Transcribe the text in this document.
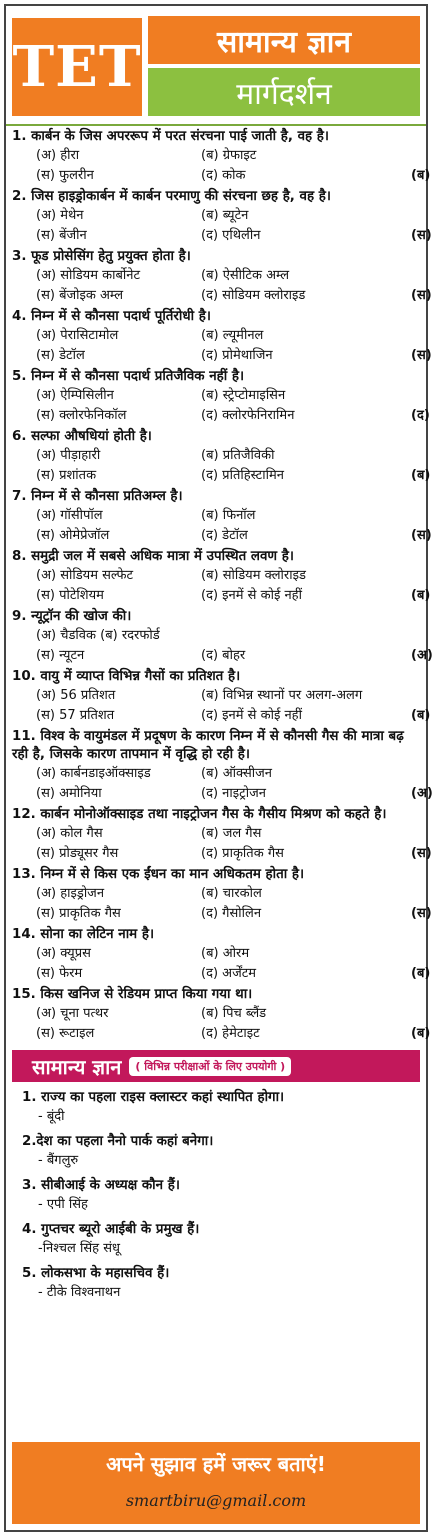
TET	सामान्य ज्ञान
मार्गदर्शन
1. कार्बन के जिस अपररूप में परत संरचना पाई जाती है, वह है।
(अ) हीरा	(ब) ग्रेफाइट
(स) फुलरीन	(द) कोक	(ब)
2. जिस हाइड्रोकार्बन में कार्बन परमाणु की संरचना छह है, वह है।
(अ) मेथेन	(ब) ब्यूटेन
(स) बेंजीन	(द) एथिलीन	(स)
3. फूड प्रोसेसिंग हेतु प्रयुक्त होता है।
(अ) सोडियम कार्बोनेट	(ब) ऐसीटिक अम्ल
(स) बेंजोइक अम्ल	(द) सोडियम क्लोराइड	(स)
4. निम्न में से कौनसा पदार्थ पूर्तिरोधी है।
(अ) पेरासिटामोल	(ब) ल्यूमीनल
(स) डेटॉल	(द) प्रोमेथाजिन	(स)
5. निम्न में से कौनसा पदार्थ प्रतिजैविक नहीं है।
(अ) ऐम्पिसिलीन	(ब) स्ट्रेप्टोमाइसिन
(स) क्लोरफेनिकॉल	(द) क्लोरफेनिरामिन	(द)
6. सल्फा औषधियां होती है।
(अ) पीड़ाहारी	(ब) प्रतिजैविकी
(स) प्रशांतक	(द) प्रतिहिस्टामिन	(ब)
7. निम्न में से कौनसा प्रतिअम्ल है।
(अ) गॉसीपॉल	(ब) फिनॉल
(स) ओमेप्रेजॉल	(द) डेटॉल	(स)
8. समुद्री जल में सबसे अधिक मात्रा में उपस्थित लवण है।
(अ) सोडियम सल्फेट	(ब) सोडियम क्लोराइड
(स) पोटेशियम	(द) इनमें से कोई नहीं	(ब)
9. न्यूट्रॉन की खोज की।
(अ) चैडविक (ब) रदरफोर्ड
(स) न्यूटन	(द) बोहर	(अ)
10. वायु में व्याप्त विभिन्न गैसों का प्रतिशत है।
(अ) 56 प्रतिशत	(ब) विभिन्न स्थानों पर अलग-अलग
(स) 57 प्रतिशत	(द) इनमें से कोई नहीं	(ब)
11. विश्व के वायुमंडल में प्रदूषण के कारण निम्न में से कौनसी गैस की मात्रा बढ़ रही है, जिसके कारण तापमान में वृद्धि हो रही है।
(अ) कार्बनडाइऑक्साइड	(ब) ऑक्सीजन
(स) अमोनिया	(द) नाइट्रोजन	(अ)
12. कार्बन मोनोऑक्साइड तथा नाइट्रोजन गैस के गैसीय मिश्रण को कहते है।
(अ) कोल गैस	(ब) जल गैस
(स) प्रोड्यूसर गैस	(द) प्राकृतिक गैस	(स)
13. निम्न में से किस एक ईंधन का मान अधिकतम होता है।
(अ) हाइड्रोजन	(ब) चारकोल
(स) प्राकृतिक गैस	(द) गैसोलिन	(स)
14. सोना का लेटिन नाम है।
(अ) क्यूप्रस	(ब) ओरम
(स) फेरम	(द) अर्जेंटम	(ब)
15. किस खनिज से रेडियम प्राप्त किया गया था।
(अ) चूना पत्थर	(ब) पिच ब्लैंड
(स) रूटाइल	(द) हेमेटाइट	(ब)
सामान्य ज्ञान	( विभिन्न परीक्षाओं के लिए उपयोगी )
1. राज्य का पहला राइस क्लास्टर कहां स्थापित होगा।
- बूंदी
2.देश का पहला नैनो पार्क कहां बनेगा।
- बैंगलुरु
3. सीबीआई के अध्यक्ष कौन हैं।
- एपी सिंह
4. गुप्तचर ब्यूरो आईबी के प्रमुख हैं।
-निश्चल सिंह संधू
5. लोकसभा के महासचिव हैं।
- टीके विश्वनाथन
अपने सुझाव हमें जरूर बताएं!
smartbiru@gmail.com
